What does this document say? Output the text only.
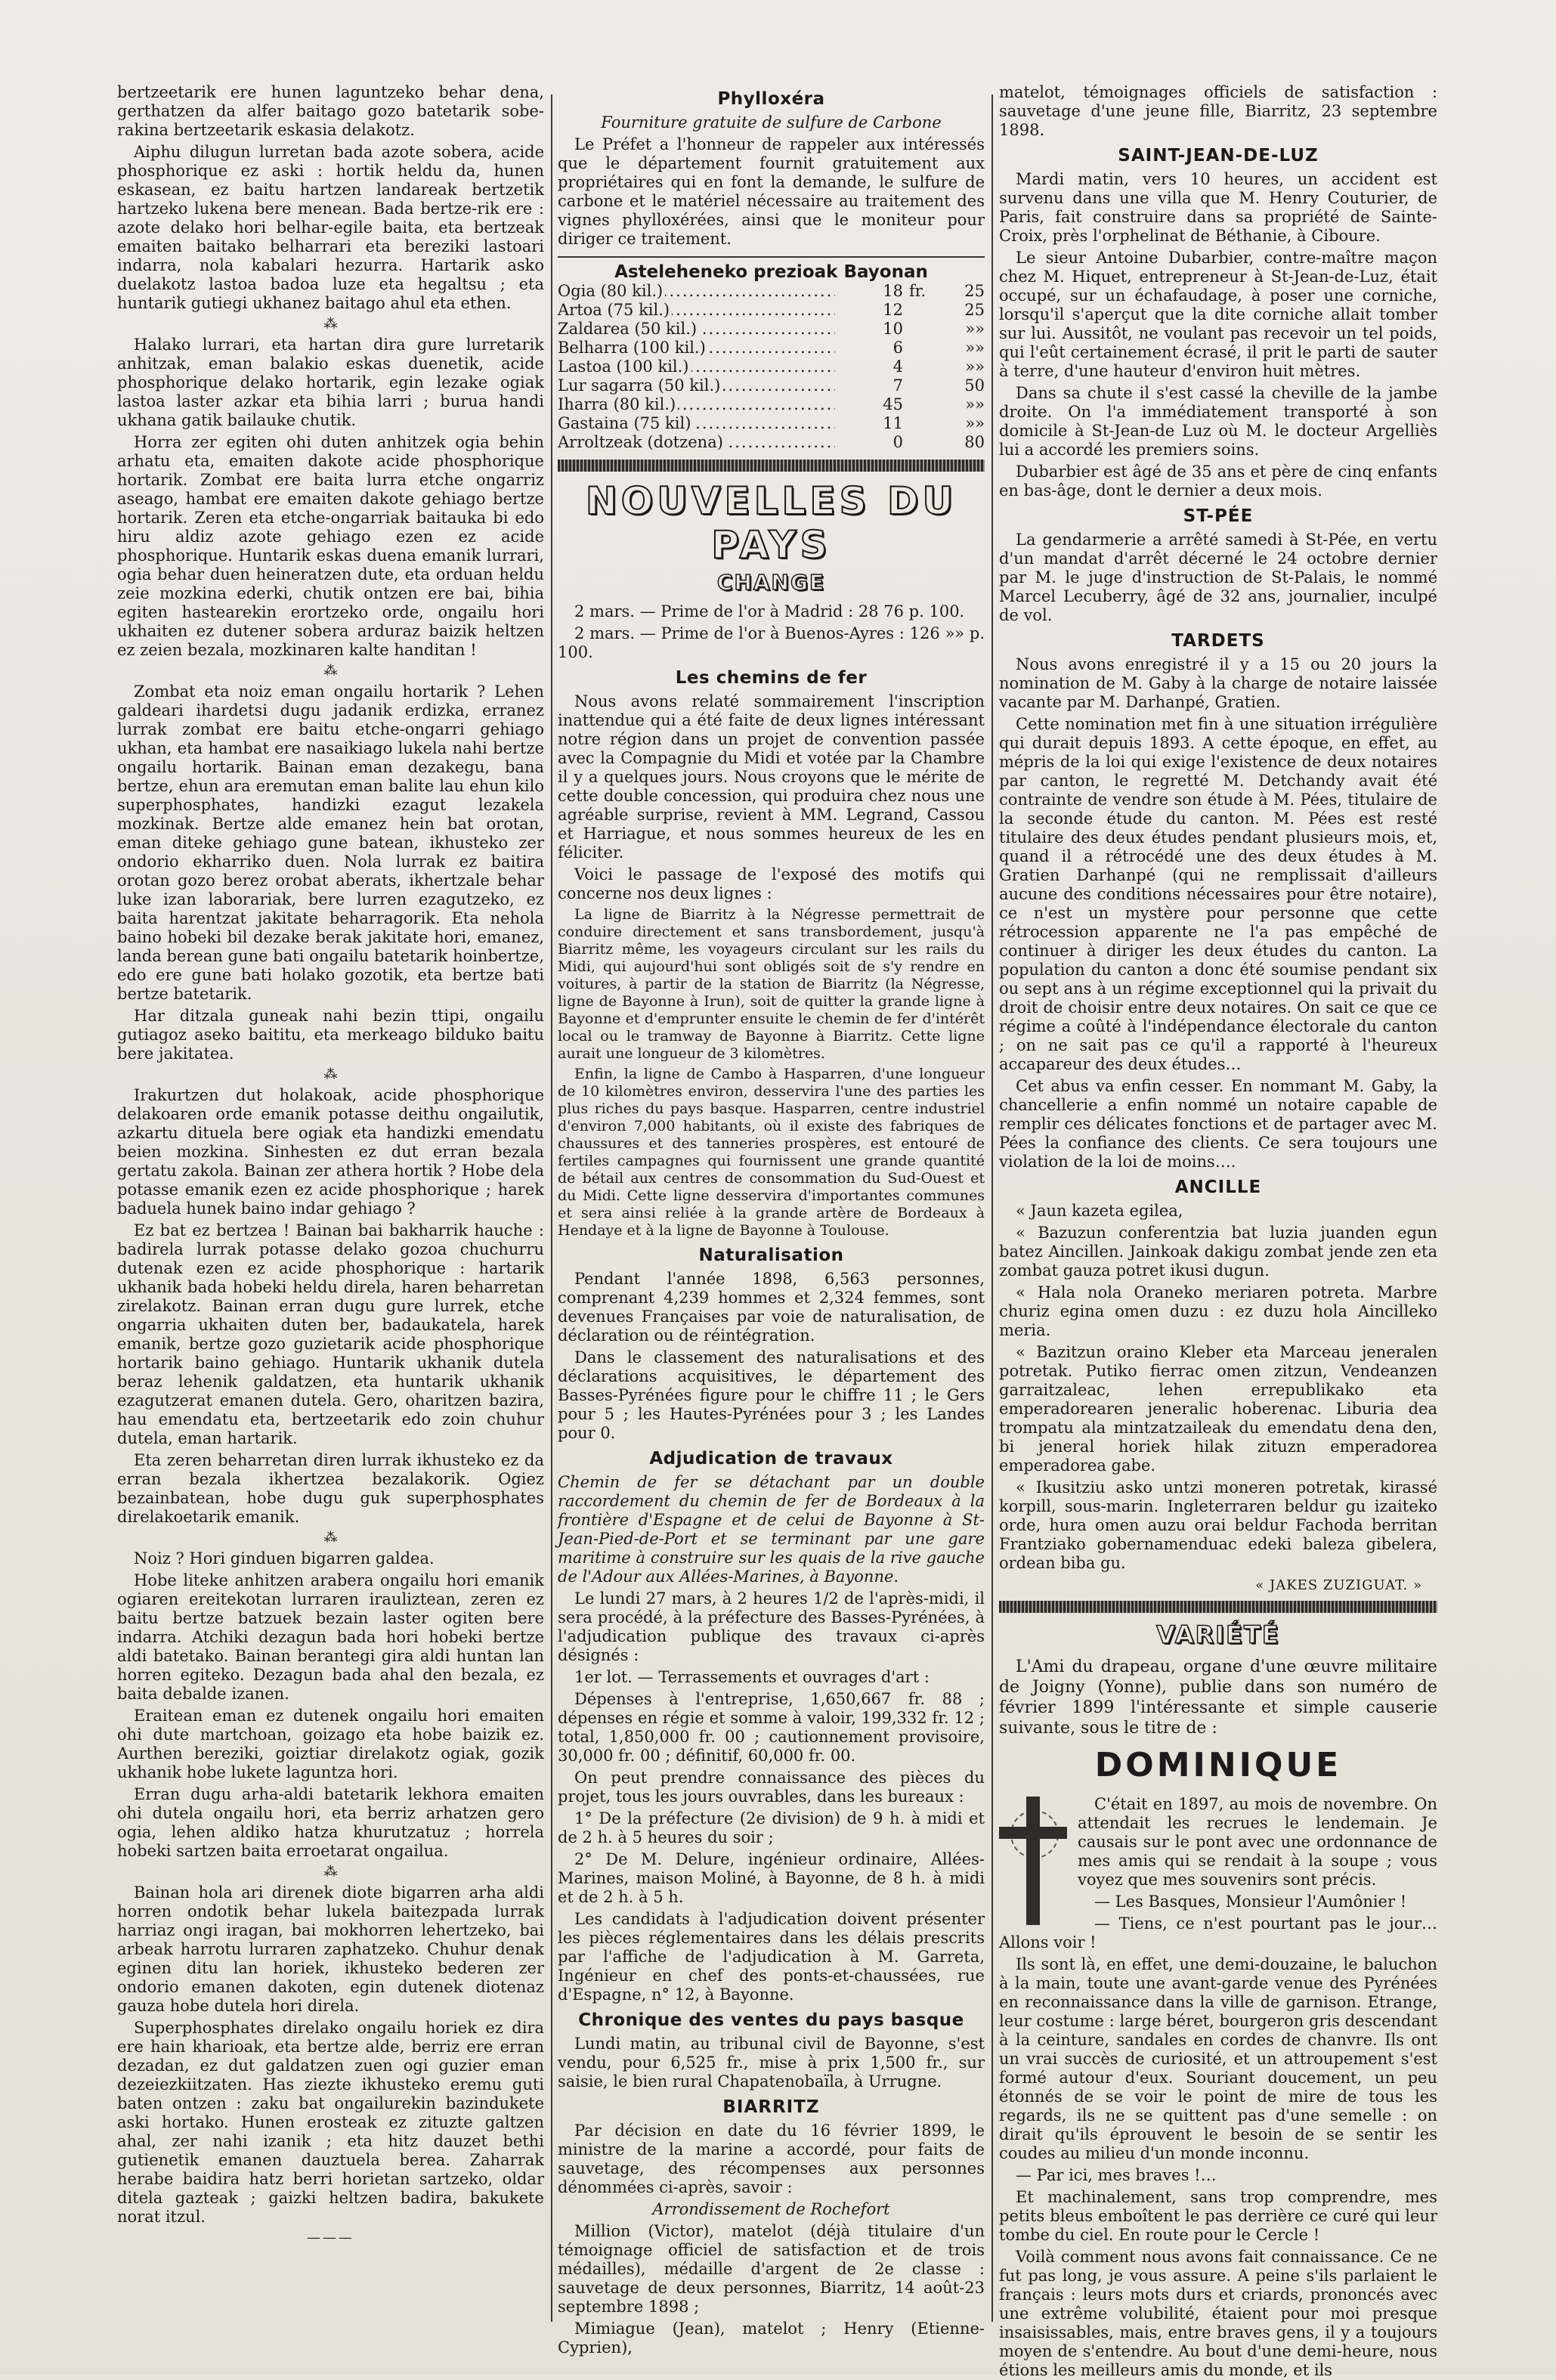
bertzeetarik ere hunen laguntzeko behar dena, gerthatzen da alfer baitago gozo batetarik sobe-rakina bertzeetarik eskasia delakotz.

Aiphu dilugun lurretan bada azote sobera, acide phosphorique ez aski : hortik heldu da, hunen eskasean, ez baitu hartzen landareak bertzetik hartzeko lukena bere menean. Bada bertze-rik ere : azote delako hori belhar-egile baita, eta bertzeak emaiten baitako belharrari eta bereziki lastoari indarra, nola kabalari hezurra. Hartarik asko duelakotz lastoa badoa luze eta hegaltsu ; eta huntarik gutiegi ukhanez baitago ahul eta ethen.

⁂

Halako lurrari, eta hartan dira gure lurretarik anhitzak, eman balakio eskas duenetik, acide phosphorique delako hortarik, egin lezake ogiak lastoa laster azkar eta bihia larri ; burua handi ukhana gatik bailauke chutik.

Horra zer egiten ohi duten anhitzek ogia behin arhatu eta, emaiten dakote acide phosphorique hortarik. Zombat ere baita lurra etche ongarriz aseago, hambat ere emaiten dakote gehiago bertze hortarik. Zeren eta etche-ongarriak baitauka bi edo hiru aldiz azote gehiago ezen ez acide phosphorique. Huntarik eskas duena emanik lurrari, ogia behar duen heineratzen dute, eta orduan heldu zeie mozkina ederki, chutik ontzen ere bai, bihia egiten hastearekin erortzeko orde, ongailu hori ukhaiten ez dutener sobera arduraz baizik heltzen ez zeien bezala, mozkinaren kalte handitan !

⁂

Zombat eta noiz eman ongailu hortarik ? Lehen galdeari ihardetsi dugu jadanik erdizka, erranez lurrak zombat ere baitu etche-ongarri gehiago ukhan, eta hambat ere nasaikiago lukela nahi bertze ongailu hortarik. Bainan eman dezakegu, bana bertze, ehun ara eremutan eman balite lau ehun kilo superphosphates, handizki ezagut lezakela mozkinak. Bertze alde emanez hein bat orotan, eman diteke gehiago gune batean, ikhusteko zer ondorio ekharriko duen. Nola lurrak ez baitira orotan gozo berez orobat aberats, ikhertzale behar luke izan laborariak, bere lurren ezagutzeko, ez baita harentzat jakitate beharragorik. Eta nehola baino hobeki bil dezake berak jakitate hori, emanez, landa berean gune bati ongailu batetarik hoinbertze, edo ere gune bati holako gozotik, eta bertze bati bertze batetarik.

Har ditzala guneak nahi bezin ttipi, ongailu gutiagoz aseko baititu, eta merkeago bilduko baitu bere jakitatea.

⁂

Irakurtzen dut holakoak, acide phosphorique delakoaren orde emanik potasse deithu ongailutik, azkartu dituela bere ogiak eta handizki emendatu beien mozkina. Sinhesten ez dut erran bezala gertatu zakola. Bainan zer athera hortik ? Hobe dela potasse emanik ezen ez acide phosphorique ; harek baduela hunek baino indar gehiago ?

Ez bat ez bertzea ! Bainan bai bakharrik hauche : badirela lurrak potasse delako gozoa chuchurru dutenak ezen ez acide phosphorique : hartarik ukhanik bada hobeki heldu direla, haren beharretan zirelakotz. Bainan erran dugu gure lurrek, etche ongarria ukhaiten duten ber, badaukatela, harek emanik, bertze gozo guzietarik acide phosphorique hortarik baino gehiago. Huntarik ukhanik dutela beraz lehenik galdatzen, eta huntarik ukhanik ezagutzerat emanen dutela. Gero, oharitzen bazira, hau emendatu eta, bertzeetarik edo zoin chuhur dutela, eman hartarik.

Eta zeren beharretan diren lurrak ikhusteko ez da erran bezala ikhertzea bezalakorik. Ogiez bezainbatean, hobe dugu guk superphosphates direlakoetarik emanik.

⁂

Noiz ? Hori ginduen bigarren galdea.

Hobe liteke anhitzen arabera ongailu hori emanik ogiaren ereitekotan lurraren irauliztean, zeren ez baitu bertze batzuek bezain laster ogiten bere indarra. Atchiki dezagun bada hori hobeki bertze aldi batetako. Bainan berantegi gira aldi huntan lan horren egiteko. Dezagun bada ahal den bezala, ez baita debalde izanen.

Eraitean eman ez dutenek ongailu hori emaiten ohi dute martchoan, goizago eta hobe baizik ez. Aurthen bereziki, goiztiar direlakotz ogiak, gozik ukhanik hobe lukete laguntza hori.

Erran dugu arha-aldi batetarik lekhora emaiten ohi dutela ongailu hori, eta berriz arhatzen gero ogia, lehen aldiko hatza khurutzatuz ; horrela hobeki sartzen baita erroetarat ongailua.

⁂

Bainan hola ari direnek diote bigarren arha aldi horren ondotik behar lukela baitezpada lurrak harriaz ongi iragan, bai mokhorren lehertzeko, bai arbeak harrotu lurraren zaphatzeko. Chuhur denak eginen ditu lan horiek, ikhusteko bederen zer ondorio emanen dakoten, egin dutenek diotenaz gauza hobe dutela hori direla.

Superphosphates direlako ongailu horiek ez dira ere hain kharioak, eta bertze alde, berriz ere erran dezadan, ez dut galdatzen zuen ogi guzier eman dezeiezkiitzaten. Has ziezte ikhusteko eremu guti baten ontzen : zaku bat ongailurekin bazindukete aski hortako. Hunen erosteak ez zituzte galtzen ahal, zer nahi izanik ; eta hitz dauzet bethi gutienetik emanen dauztuela berea. Zaharrak herabe baidira hatz berri horietan sartzeko, oldar ditela gazteak ; gaizki heltzen badira, bakukete norat itzul.

———
Phylloxéra
Fourniture gratuite de sulfure de Carbone

Le Préfet a l'honneur de rappeler aux intéressés que le département fournit gratuitement aux propriétaires qui en font la demande, le sulfure de carbone et le matériel nécessaire au traitement des vignes phylloxérées, ainsi que le moniteur pour diriger ce traitement.

Asteleheneko prezioak Bayonan
Ogia (80 kil.) .....	18	fr.	25
Artoa (75 kil.) .....	12		25
Zaldarea (50 kil.) .....	10		»»
Belharra (100 kil.) .....	6		»»
Lastoa (100 kil.) .....	4		»»
Lur sagarra (50 kil.) .....	7		50
Iharra (80 kil.) .....	45		»»
Gastaina (75 kil) .....	11		»»
Arroltzeak (dotzena) .....	0		80
NOUVELLES DU PAYS
CHANGE

2 mars. — Prime de l'or à Madrid : 28 76 p. 100.

2 mars. — Prime de l'or à Buenos-Ayres : 126 »» p. 100.

Les chemins de fer

Nous avons relaté sommairement l'inscription inattendue qui a été faite de deux lignes intéressant notre région dans un projet de convention passée avec la Compagnie du Midi et votée par la Chambre il y a quelques jours. Nous croyons que le mérite de cette double concession, qui produira chez nous une agréable surprise, revient à MM. Legrand, Cassou et Harriague, et nous sommes heureux de les en féliciter.

Voici le passage de l'exposé des motifs qui concerne nos deux lignes :

La ligne de Biarritz à la Négresse permettrait de conduire directement et sans transbordement, jusqu'à Biarritz même, les voyageurs circulant sur les rails du Midi, qui aujourd'hui sont obligés soit de s'y rendre en voitures, à partir de la station de Biarritz (la Négresse, ligne de Bayonne à Irun), soit de quitter la grande ligne à Bayonne et d'emprunter ensuite le chemin de fer d'intérêt local ou le tramway de Bayonne à Biarritz. Cette ligne aurait une longueur de 3 kilomètres.

Enfin, la ligne de Cambo à Hasparren, d'une longueur de 10 kilomètres environ, desservira l'une des parties les plus riches du pays basque. Hasparren, centre industriel d'environ 7,000 habitants, où il existe des fabriques de chaussures et des tanneries prospères, est entouré de fertiles campagnes qui fournissent une grande quantité de bétail aux centres de consommation du Sud-Ouest et du Midi. Cette ligne desservira d'importantes communes et sera ainsi reliée à la grande artère de Bordeaux à Hendaye et à la ligne de Bayonne à Toulouse.

Naturalisation

Pendant l'année 1898, 6,563 personnes, comprenant 4,239 hommes et 2,324 femmes, sont devenues Françaises par voie de naturalisation, de déclaration ou de réintégration.

Dans le classement des naturalisations et des déclarations acquisitives, le département des Basses-Pyrénées figure pour le chiffre 11 ; le Gers pour 5 ; les Hautes-Pyrénées pour 3 ; les Landes pour 0.

Adjudication de travaux

Chemin de fer se détachant par un double raccordement du chemin de fer de Bordeaux à la frontière d'Espagne et de celui de Bayonne à St-Jean-Pied-de-Port et se terminant par une gare maritime à construire sur les quais de la rive gauche de l'Adour aux Allées-Marines, à Bayonne.

Le lundi 27 mars, à 2 heures 1/2 de l'après-midi, il sera procédé, à la préfecture des Basses-Pyrénées, à l'adjudication publique des travaux ci-après désignés :

1er lot. — Terrassements et ouvrages d'art :

Dépenses à l'entreprise, 1,650,667 fr. 88 ; dépenses en régie et somme à valoir, 199,332 fr. 12 ; total, 1,850,000 fr. 00 ; cautionnement provisoire, 30,000 fr. 00 ; définitif, 60,000 fr. 00.

On peut prendre connaissance des pièces du projet, tous les jours ouvrables, dans les bureaux :

1° De la préfecture (2e division) de 9 h. à midi et de 2 h. à 5 heures du soir ;

2° De M. Delure, ingénieur ordinaire, Allées-Marines, maison Moliné, à Bayonne, de 8 h. à midi et de 2 h. à 5 h.

Les candidats à l'adjudication doivent présenter les pièces réglementaires dans les délais prescrits par l'affiche de l'adjudication à M. Garreta, Ingénieur en chef des ponts-et-chaussées, rue d'Espagne, n° 12, à Bayonne.

Chronique des ventes du pays basque

Lundi matin, au tribunal civil de Bayonne, s'est vendu, pour 6,525 fr., mise à prix 1,500 fr., sur saisie, le bien rural Chapatenobaïla, à Urrugne.

BIARRITZ

Par décision en date du 16 février 1899, le ministre de la marine a accordé, pour faits de sauvetage, des récompenses aux personnes dénommées ci-après, savoir :

Arrondissement de Rochefort

Million (Victor), matelot (déjà titulaire d'un témoignage officiel de satisfaction et de trois médailles), médaille d'argent de 2e classe : sauvetage de deux personnes, Biarritz, 14 août-23 septembre 1898 ;

Mimiague (Jean), matelot ; Henry (Etienne-Cyprien),

matelot, témoignages officiels de satisfaction : sauvetage d'une jeune fille, Biarritz, 23 septembre 1898.

SAINT-JEAN-DE-LUZ

Mardi matin, vers 10 heures, un accident est survenu dans une villa que M. Henry Couturier, de Paris, fait construire dans sa propriété de Sainte-Croix, près l'orphelinat de Béthanie, à Ciboure.

Le sieur Antoine Dubarbier, contre-maître maçon chez M. Hiquet, entrepreneur à St-Jean-de-Luz, était occupé, sur un échafaudage, à poser une corniche, lorsqu'il s'aperçut que la dite corniche allait tomber sur lui. Aussitôt, ne voulant pas recevoir un tel poids, qui l'eût certainement écrasé, il prit le parti de sauter à terre, d'une hauteur d'environ huit mètres.

Dans sa chute il s'est cassé la cheville de la jambe droite. On l'a immédiatement transporté à son domicile à St-Jean-de Luz où M. le docteur Argelliès lui a accordé les premiers soins.

Dubarbier est âgé de 35 ans et père de cinq enfants en bas-âge, dont le dernier a deux mois.

ST-PÉE

La gendarmerie a arrêté samedi à St-Pée, en vertu d'un mandat d'arrêt décerné le 24 octobre dernier par M. le juge d'instruction de St-Palais, le nommé Marcel Lecuberry, âgé de 32 ans, journalier, inculpé de vol.

TARDETS

Nous avons enregistré il y a 15 ou 20 jours la nomination de M. Gaby à la charge de notaire laissée vacante par M. Darhanpé, Gratien.

Cette nomination met fin à une situation irrégulière qui durait depuis 1893. A cette époque, en effet, au mépris de la loi qui exige l'existence de deux notaires par canton, le regretté M. Detchandy avait été contrainte de vendre son étude à M. Pées, titulaire de la seconde étude du canton. M. Pées est resté titulaire des deux études pendant plusieurs mois, et, quand il a rétrocédé une des deux études à M. Gratien Darhanpé (qui ne remplissait d'ailleurs aucune des conditions nécessaires pour être notaire), ce n'est un mystère pour personne que cette rétrocession apparente ne l'a pas empêché de continuer à diriger les deux études du canton. La population du canton a donc été soumise pendant six ou sept ans à un régime exceptionnel qui la privait du droit de choisir entre deux notaires. On sait ce que ce régime a coûté à l'indépendance électorale du canton ; on ne sait pas ce qu'il a rapporté à l'heureux accapareur des deux études…

Cet abus va enfin cesser. En nommant M. Gaby, la chancellerie a enfin nommé un notaire capable de remplir ces délicates fonctions et de partager avec M. Pées la confiance des clients. Ce sera toujours une violation de la loi de moins….

ANCILLE

« Jaun kazeta egilea,

« Bazuzun conferentzia bat luzia juanden egun batez Aincillen. Jainkoak dakigu zombat jende zen eta zombat gauza potret ikusi dugun.

« Hala nola Oraneko meriaren potreta. Marbre churiz egina omen duzu : ez duzu hola Aincilleko meria.

« Bazitzun oraino Kleber eta Marceau jeneralen potretak. Putiko fierrac omen zitzun, Vendeanzen garraitzaleac, lehen errepublikako eta emperadorearen jeneralic hoberenac. Liburia dea trompatu ala mintzatzaileak du emendatu dena den, bi jeneral horiek hilak zituzn emperadorea emperadorea gabe.

« Ikusitziu asko untzi moneren potretak, kirassé korpill, sous-marin. Ingleterraren beldur gu izaiteko orde, hura omen auzu orai beldur Fachoda berritan Frantziako gobernamenduac edeki baleza gibelera, ordean biba gu.

« JAKES ZUZIGUAT. »
VARIÉTÉ

L'Ami du drapeau, organe d'une œuvre militaire de Joigny (Yonne), publie dans son numéro de février 1899 l'intéressante et simple causerie suivante, sous le titre de :

DOMINIQUE

C'était en 1897, au mois de novembre. On attendait les recrues le lendemain. Je causais sur le pont avec une ordonnance de mes amis qui se rendait à la soupe ; vous voyez que mes souvenirs sont précis.

— Les Basques, Monsieur l'Aumônier !

— Tiens, ce n'est pourtant pas le jour… Allons voir !

Ils sont là, en effet, une demi-douzaine, le baluchon à la main, toute une avant-garde venue des Pyrénées en reconnaissance dans la ville de garnison. Etrange, leur costume : large béret, bourgeron gris descendant à la ceinture, sandales en cordes de chanvre. Ils ont un vrai succès de curiosité, et un attroupement s'est formé autour d'eux. Souriant doucement, un peu étonnés de se voir le point de mire de tous les regards, ils ne se quittent pas d'une semelle : on dirait qu'ils éprouvent le besoin de se sentir les coudes au milieu d'un monde inconnu.

— Par ici, mes braves !…

Et machinalement, sans trop comprendre, mes petits bleus emboîtent le pas derrière ce curé qui leur tombe du ciel. En route pour le Cercle !

Voilà comment nous avons fait connaissance. Ce ne fut pas long, je vous assure. A peine s'ils parlaient le français : leurs mots durs et criards, prononcés avec une extrême volubilité, étaient pour moi presque insaisissables, mais, entre braves gens, il y a toujours moyen de s'entendre. Au bout d'une demi-heure, nous étions les meilleurs amis du monde, et ils
